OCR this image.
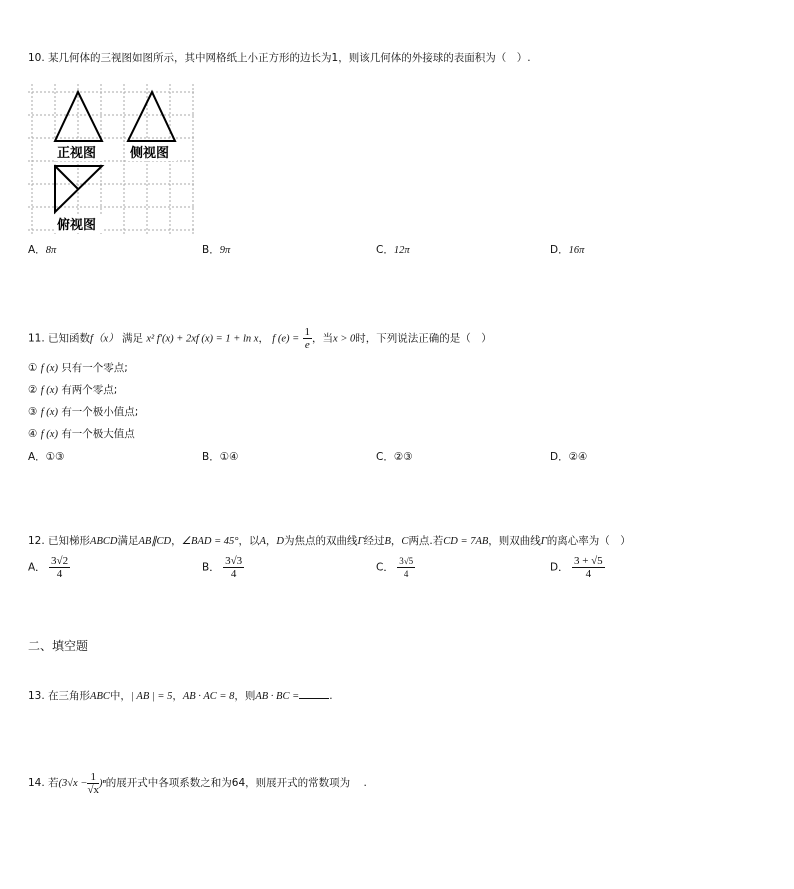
10. 某几何体的三视图如图所示，其中网格纸上小正方形的边长为1，则该几何体的外接球的表面积为（　）.
正视图	侧视图
俯视图
A．8π	B．9π	C．12π	D．16π
11. 已知函数f（x） 满足 x² f′(x) + 2xf (x) = 1 + ln x， f $(e) = \frac{1}{e}$ ，当x > 0时，下列说法正确的是（　）
① f (x) 只有一个零点;
② f (x) 有两个零点;
③ f (x) 有一个极小值点;
④ f (x) 有一个极大值点
A．①③	B．①④	C．②③	D．②④
12. 已知梯形ABCD满足AB∥CD，∠BAD = 45°，以A，D为焦点的双曲线Γ经过B，C两点.若CD = 7AB，则双曲线Γ的离心率为（　）
A． $\frac{3√2}{4}$	B． $\frac{3√3}{4}$	C． $\frac{3√5}{4}$	D． $\frac{3 + √5}{4}$
二、填空题
13. 在三角形ABC中，| AB | = 5，AB · AC = 8，则AB · BC =	.
14. 若$(3√x - \frac{1}{√x} )^n$的展开式中各项系数之和为64，则展开式的常数项为 .
